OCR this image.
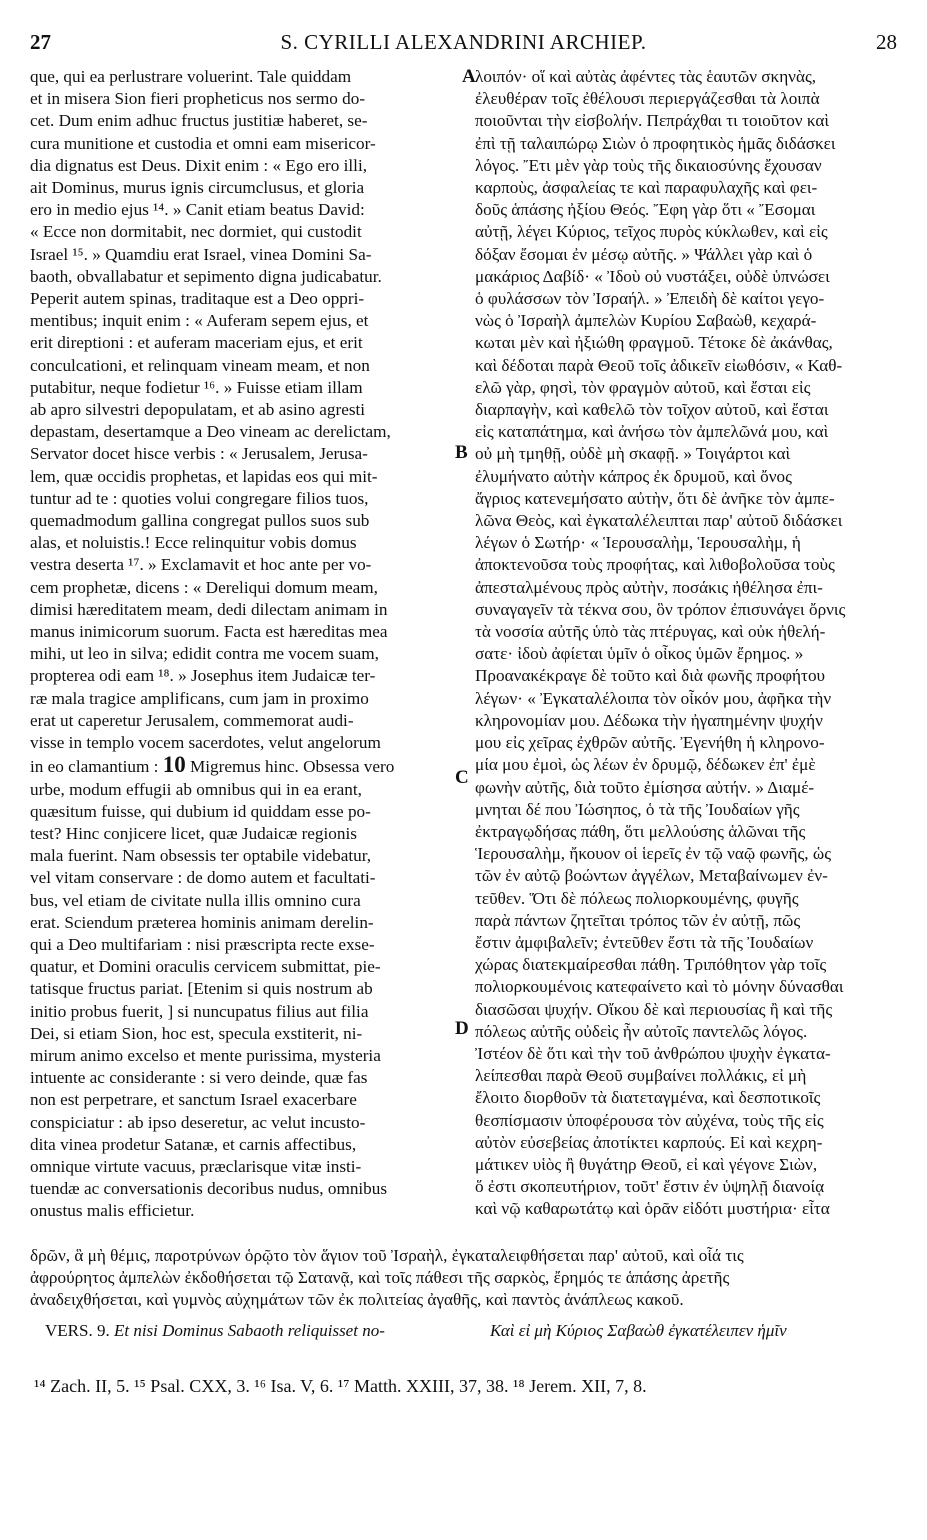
27	S. CYRILLI ALEXANDRINI ARCHIEP.	28
que, qui ea perlustrare voluerint. Tale quiddam
et in misera Sion fieri propheticus nos sermo do-
cet. Dum enim adhuc fructus justitiæ haberet, se-
cura munitione et custodia et omni eam misericor-
dia dignatus est Deus. Dixit enim : « Ego ero illi,
ait Dominus, murus ignis circumclusus, et gloria
ero in medio ejus ¹⁴. » Canit etiam beatus David:
« Ecce non dormitabit, nec dormiet, qui custodit
Israel ¹⁵. » Quamdiu erat Israel, vinea Domini Sa-
baoth, obvallabatur et sepimento digna judicabatur.
Peperit autem spinas, traditaque est a Deo oppri-
mentibus; inquit enim : « Auferam sepem ejus, et
erit direptioni : et auferam maceriam ejus, et erit
conculcationi, et relinquam vineam meam, et non
putabitur, neque fodietur ¹⁶. » Fuisse etiam illam
ab apro silvestri depopulatam, et ab asino agresti
depastam, desertamque a Deo vineam ac derelictam,
Servator docet hisce verbis : « Jerusalem, Jerusa-
lem, quæ occidis prophetas, et lapidas eos qui mit-
tuntur ad te : quoties volui congregare filios tuos,
quemadmodum gallina congregat pullos suos sub
alas, et noluistis.! Ecce relinquitur vobis domus
vestra deserta ¹⁷. » Exclamavit et hoc ante per vo-
cem prophetæ, dicens : « Dereliqui domum meam,
dimisi hæreditatem meam, dedi dilectam animam in
manus inimicorum suorum. Facta est hæreditas mea
mihi, ut leo in silva; edidit contra me vocem suam,
propterea odi eam ¹⁸. » Josephus item Judaicæ ter-
ræ mala tragice amplificans, cum jam in proximo
erat ut caperetur Jerusalem, commemorat audi-
visse in templo vocem sacerdotes, velut angelorum
in eo clamantium : 10 Migremus hinc. Obsessa vero
urbe, modum effugii ab omnibus qui in ea erant,
quæsitum fuisse, qui dubium id quiddam esse po-
test? Hinc conjicere licet, quæ Judaicæ regionis
mala fuerint. Nam obsessis ter optabile videbatur,
vel vitam conservare : de domo autem et facultati-
bus, vel etiam de civitate nulla illis omnino cura
erat. Sciendum præterea hominis animam derelin-
qui a Deo multifariam : nisi præscripta recte exse-
quatur, et Domini oraculis cervicem submittat, pie-
tatisque fructus pariat. [Etenim si quis nostrum ab
initio probus fuerit, ] si nuncupatus filius aut filia
Dei, si etiam Sion, hoc est, specula exstiterit, ni-
mirum animo excelso et mente purissima, mysteria
intuente ac considerante : si vero deinde, quæ fas
non est perpetrare, et sanctum Israel exacerbare
conspiciatur : ab ipso deseretur, ac velut incusto-
dita vinea prodetur Satanæ, et carnis affectibus,
omnique virtute vacuus, præclarisque vitæ insti-
tuendæ ac conversationis decoribus nudus, omnibus
onustus malis efficietur.
λοιπόν· οἵ καὶ αὐτὰς ἀφέντες τὰς ἑαυτῶν σκηνὰς,
ἐλευθέραν τοῖς ἐθέλουσι περιεργάζεσθαι τὰ λοιπὰ
ποιοῦνται τὴν εἰσβολήν. Πεπράχθαι τι τοιοῦτον καὶ
ἐπὶ τῇ ταλαιπώρῳ Σιὼν ὁ προφητικὸς ἡμᾶς διδάσκει
λόγος. Ἔτι μὲν γὰρ τοὺς τῆς δικαιοσύνης ἔχουσαν
καρποὺς, ἀσφαλείας τε καὶ παραφυλαχῆς καὶ φει-
δοῦς ἁπάσης ἠξίου Θεός. Ἔφη γὰρ ὅτι « Ἔσομαι
αὐτῇ, λέγει Κύριος, τεῖχος πυρὸς κύκλωθεν, καὶ εἰς
δόξαν ἔσομαι ἐν μέσῳ αὐτῆς. » Ψάλλει γὰρ καὶ ὁ
μακάριος Δαβίδ· « Ἰδοὺ οὐ νυστάξει, οὐδὲ ὑπνώσει
ὁ φυλάσσων τὸν Ἰσραήλ. » Ἐπειδὴ δὲ καίτοι γεγο-
νὼς ὁ Ἰσραὴλ ἀμπελὼν Κυρίου Σαβαὼθ, κεχαρά-
κωται μὲν καὶ ἠξιώθη φραγμοῦ. Τέτοκε δὲ ἀκάνθας,
καὶ δέδοται παρὰ Θεοῦ τοῖς ἀδικεῖν εἰωθόσιν, « Καθ-
ελῶ γὰρ, φησὶ, τὸν φραγμὸν αὐτοῦ, καὶ ἔσται εἰς
διαρπαγὴν, καὶ καθελῶ τὸν τοῖχον αὐτοῦ, καὶ ἔσται
εἰς καταπάτημα, καὶ ἀνήσω τὸν ἀμπελῶνά μου, καὶ
οὐ μὴ τμηθῇ, οὐδὲ μὴ σκαφῇ. » Τοιγάρτοι καὶ
ἐλυμήνατο αὐτὴν κάπρος ἐκ δρυμοῦ, καὶ ὄνος
ἄγριος κατενεμήσατο αὐτὴν, ὅτι δὲ ἀνῆκε τὸν ἀμπε-
λῶνα Θεὸς, καὶ ἐγκαταλέλειπται παρ' αὐτοῦ διδάσκει
λέγων ὁ Σωτήρ· « Ἱερουσαλὴμ, Ἱερουσαλὴμ, ἡ
ἀποκτενοῦσα τοὺς προφήτας, καὶ λιθοβολοῦσα τοὺς
ἀπεσταλμένους πρὸς αὐτὴν, ποσάκις ἠθέλησα ἐπι-
συναγαγεῖν τὰ τέκνα σου, ὃν τρόπον ἐπισυνάγει ὄρνις
τὰ νοσσία αὐτῆς ὑπὸ τὰς πτέρυγας, καὶ οὐκ ἠθελή-
σατε· ἰδοὺ ἀφίεται ὑμῖν ὁ οἶκος ὑμῶν ἔρημος. »
Προανακέκραγε δὲ τοῦτο καὶ διὰ φωνῆς προφήτου
λέγων· « Ἐγκαταλέλοιπα τὸν οἶκόν μου, ἀφῆκα τὴν
κληρονομίαν μου. Δέδωκα τὴν ἠγαπημένην ψυχήν
μου εἰς χεῖρας ἐχθρῶν αὐτῆς. Ἐγενήθη ἡ κληρονο-
μία μου ἐμοὶ, ὡς λέων ἐν δρυμῷ, δέδωκεν ἐπ' ἐμὲ
φωνὴν αὐτῆς, διὰ τοῦτο ἐμίσησα αὐτήν. » Διαμέ-
μνηται δέ που Ἰώσηπος, ὁ τὰ τῆς Ἰουδαίων γῆς
ἐκτραγῳδήσας πάθη, ὅτι μελλούσης ἁλῶναι τῆς
Ἱερουσαλὴμ, ἤκουον οἱ ἱερεῖς ἐν τῷ ναῷ φωνῆς, ὡς
τῶν ἐν αὐτῷ βοώντων ἀγγέλων, Μεταβαίνωμεν ἐν-
τεῦθεν. Ὅτι δὲ πόλεως πολιορκουμένης, φυγῆς
παρὰ πάντων ζητεῖται τρόπος τῶν ἐν αὐτῇ, πῶς
ἔστιν ἀμφιβαλεῖν; ἐντεῦθεν ἔστι τὰ τῆς Ἰουδαίων
χώρας διατεκμαίρεσθαι πάθη. Τριπόθητον γὰρ τοῖς
πολιορκουμένοις κατεφαίνετο καὶ τὸ μόνην δύνασθαι
διασῶσαι ψυχήν. Οἴκου δὲ καὶ περιουσίας ἢ καὶ τῆς
πόλεως αὐτῆς οὐδεὶς ἦν αὐτοῖς παντελῶς λόγος.
Ἰστέον δὲ ὅτι καὶ τὴν τοῦ ἀνθρώπου ψυχὴν ἐγκατα-
λείπεσθαι παρὰ Θεοῦ συμβαίνει πολλάκις, εἰ μὴ
ἔλοιτο διορθοῦν τὰ διατεταγμένα, καὶ δεσποτικοῖς
θεσπίσμασιν ὑποφέρουσα τὸν αὐχένα, τοὺς τῆς εἰς
αὐτὸν εὐσεβείας ἀποτίκτει καρπούς. Εἰ καὶ κεχρη-
μάτικεν υἱὸς ἢ θυγάτηρ Θεοῦ, εἰ καὶ γέγονε Σιὼν,
ὅ ἐστι σκοπευτήριον, τοῦτ' ἔστιν ἐν ὑψηλῇ διανοίᾳ
καὶ νῷ καθαρωτάτῳ καὶ ὁρᾶν εἰδότι μυστήρια· εἶτα
A
B
C
D
δρῶν, ἃ μὴ θέμις, παροτρύνων ὁρῷτο τὸν ἅγιον τοῦ Ἰσραὴλ, ἐγκαταλειφθήσεται παρ' αὐτοῦ, καὶ οἷά τις
ἀφρούρητος ἀμπελὼν ἐκδοθήσεται τῷ Σατανᾷ, καὶ τοῖς πάθεσι τῆς σαρκὸς, ἔρημός τε ἁπάσης ἀρετῆς
ἀναδειχθήσεται, καὶ γυμνὸς αὐχημάτων τῶν ἐκ πολιτείας ἀγαθῆς, καὶ παντὸς ἀνάπλεως κακοῦ.
VERS. 9. Et nisi Dominus Sabaoth reliquisset no-	Καὶ εἰ μὴ Κύριος Σαβαὼθ ἐγκατέλειπεν ἡμῖν
¹⁴ Zach. II, 5. ¹⁵ Psal. CXX, 3. ¹⁶ Isa. V, 6. ¹⁷ Matth. XXIII, 37, 38. ¹⁸ Jerem. XII, 7, 8.
